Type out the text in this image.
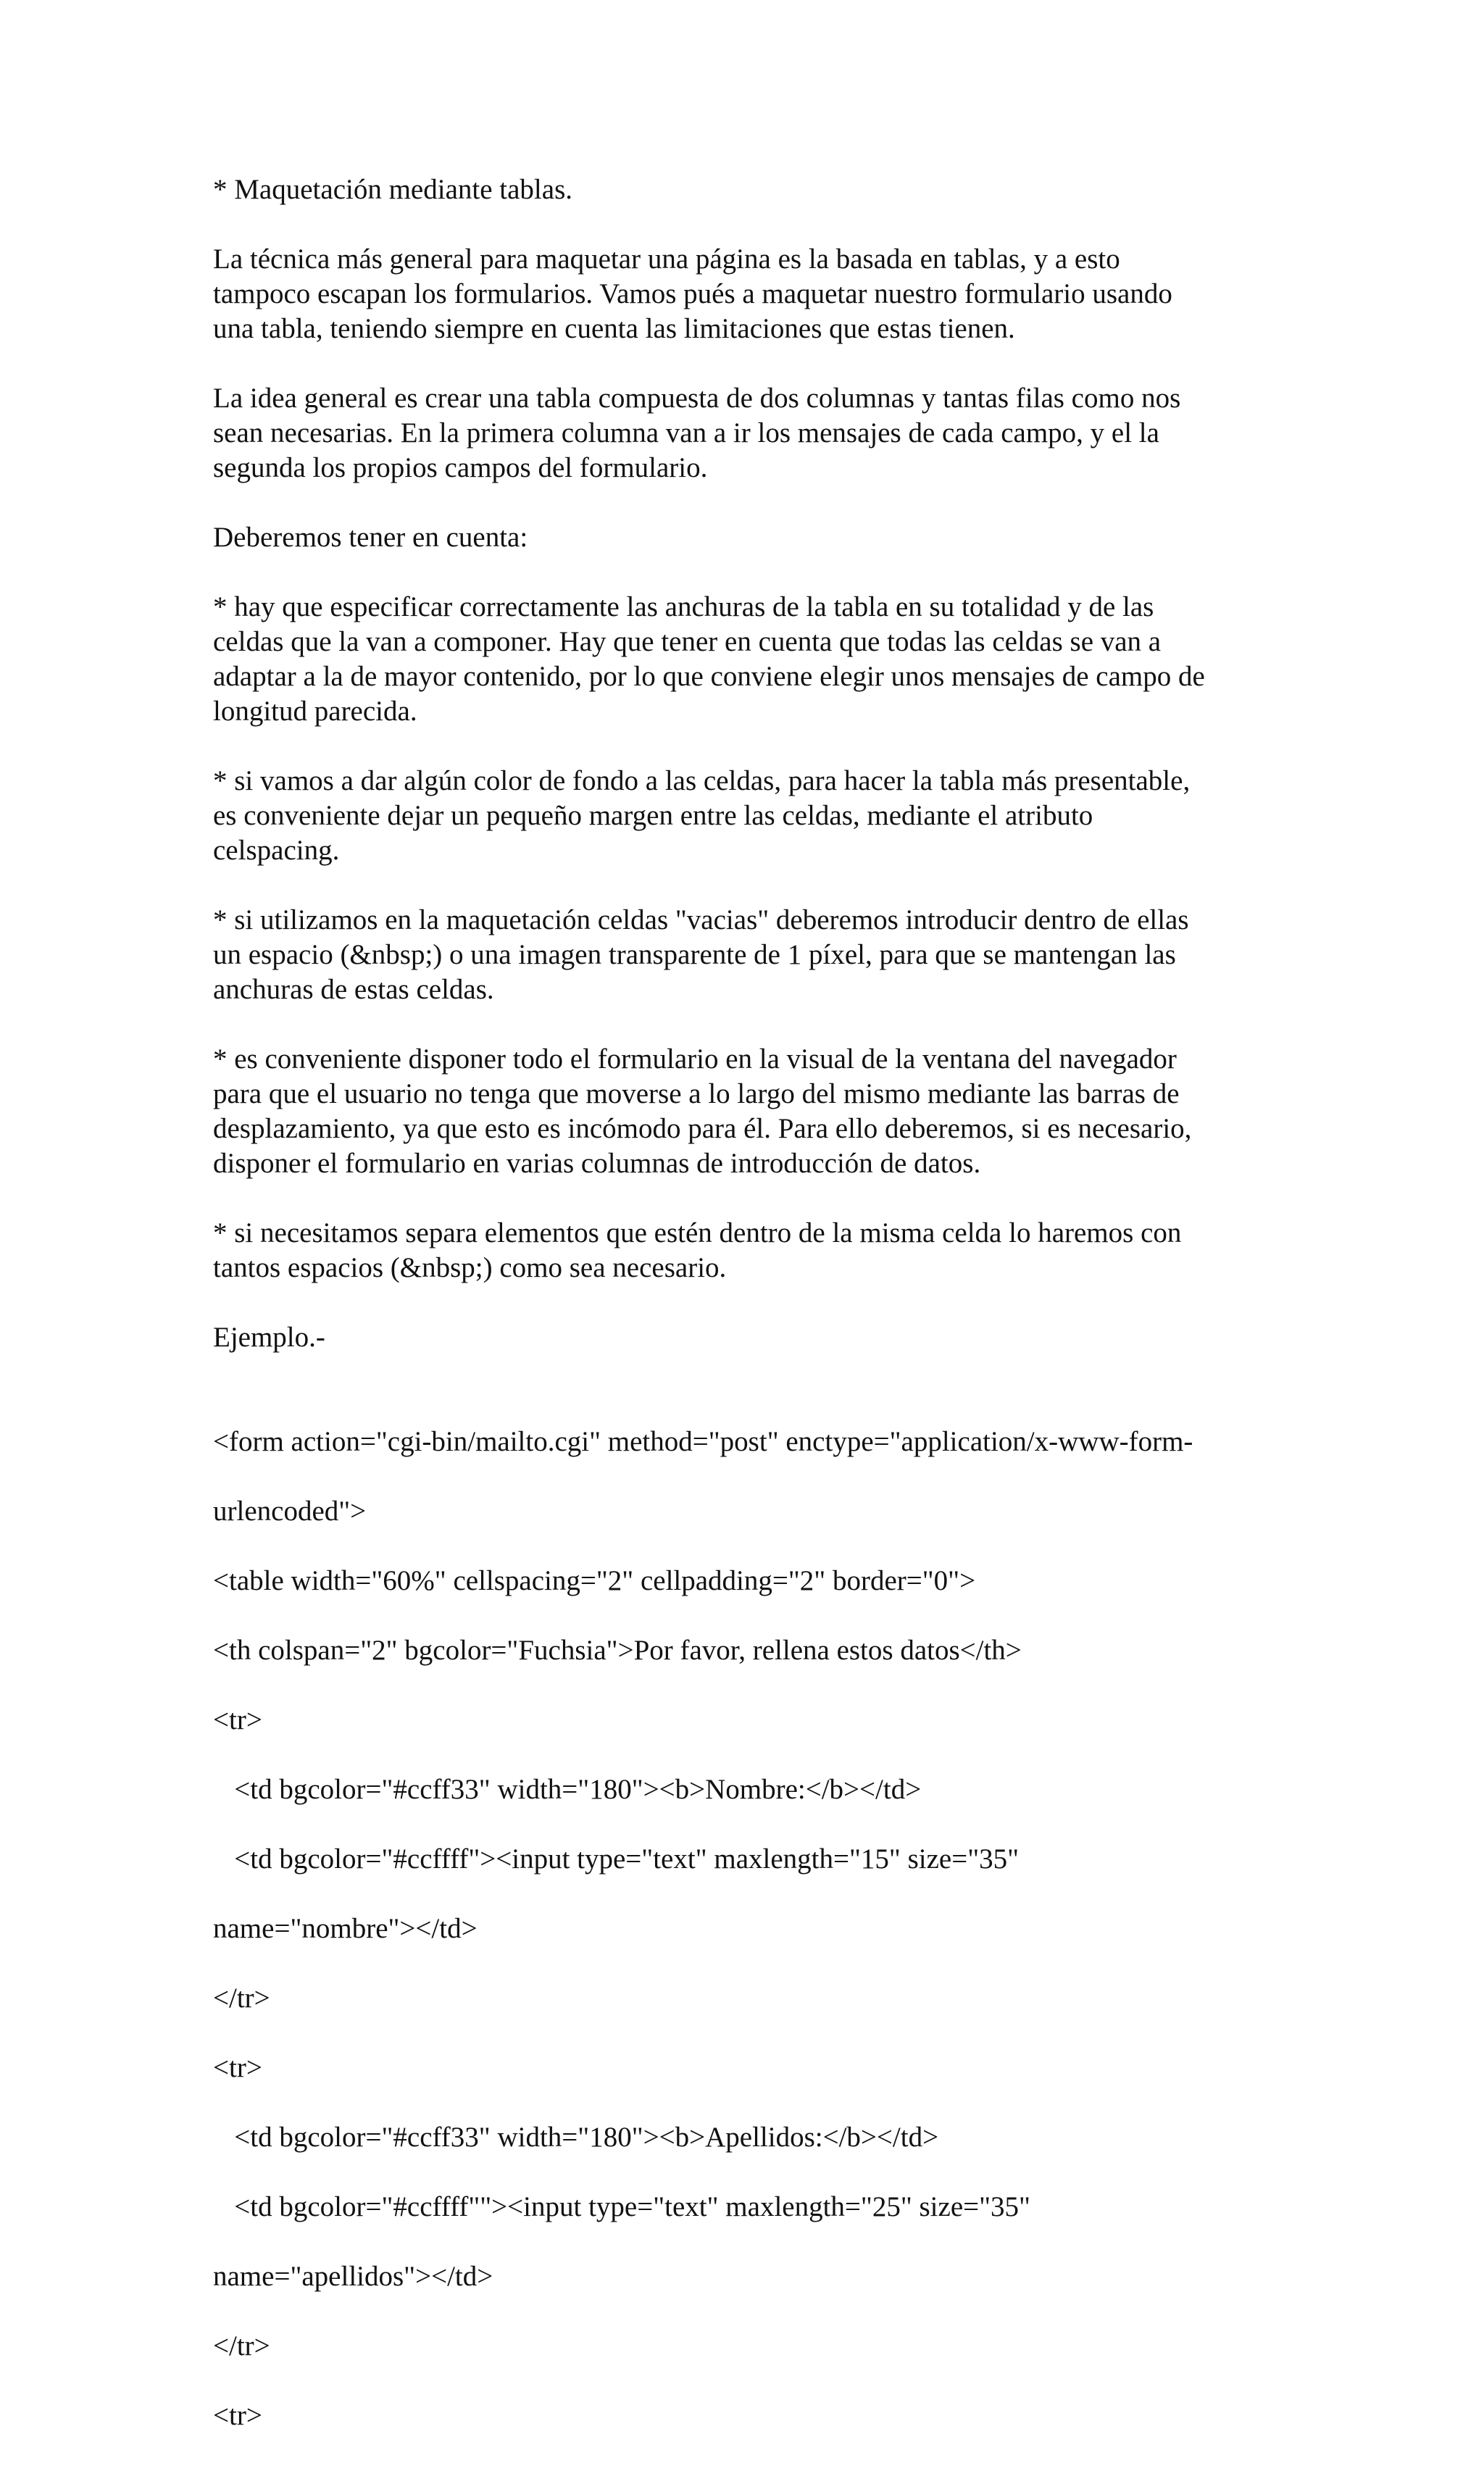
* Maquetación mediante tablas.

La técnica más general para maquetar una página es la basada en tablas, y a esto
tampoco escapan los formularios. Vamos pués a maquetar nuestro formulario usando
una tabla, teniendo siempre en cuenta las limitaciones que estas tienen.

La idea general es crear una tabla compuesta de dos columnas y tantas filas como nos
sean necesarias. En la primera columna van a ir los mensajes de cada campo, y el la
segunda los propios campos del formulario.

Deberemos tener en cuenta:

* hay que especificar correctamente las anchuras de la tabla en su totalidad y de las
celdas que la van a componer. Hay que tener en cuenta que todas las celdas se van a
adaptar a la de mayor contenido, por lo que conviene elegir unos mensajes de campo de
longitud parecida.

* si vamos a dar algún color de fondo a las celdas, para hacer la tabla más presentable,
es conveniente dejar un pequeño margen entre las celdas, mediante el atributo
celspacing.

* si utilizamos en la maquetación celdas "vacias" deberemos introducir dentro de ellas
un espacio (&nbsp;) o una imagen transparente de 1 píxel, para que se mantengan las
anchuras de estas celdas.

* es conveniente disponer todo el formulario en la visual de la ventana del navegador
para que el usuario no tenga que moverse a lo largo del mismo mediante las barras de
desplazamiento, ya que esto es incómodo para él. Para ello deberemos, si es necesario,
disponer el formulario en varias columnas de introducción de datos.

* si necesitamos separa elementos que estén dentro de la misma celda lo haremos con
tantos espacios (&nbsp;) como sea necesario.

Ejemplo.-

<form action="cgi-bin/mailto.cgi" method="post" enctype="application/x-www-form-

urlencoded">

<table width="60%" cellspacing="2" cellpadding="2" border="0">

<th colspan="2" bgcolor="Fuchsia">Por favor, rellena estos datos</th>

<tr>

<td bgcolor="#ccff33" width="180"><b>Nombre:</b></td>

<td bgcolor="#ccffff"><input type="text" maxlength="15" size="35"

name="nombre"></td>

</tr>

<tr>

<td bgcolor="#ccff33" width="180"><b>Apellidos:</b></td>

<td bgcolor="#ccffff""><input type="text" maxlength="25" size="35"

name="apellidos"></td>

</tr>

<tr>
